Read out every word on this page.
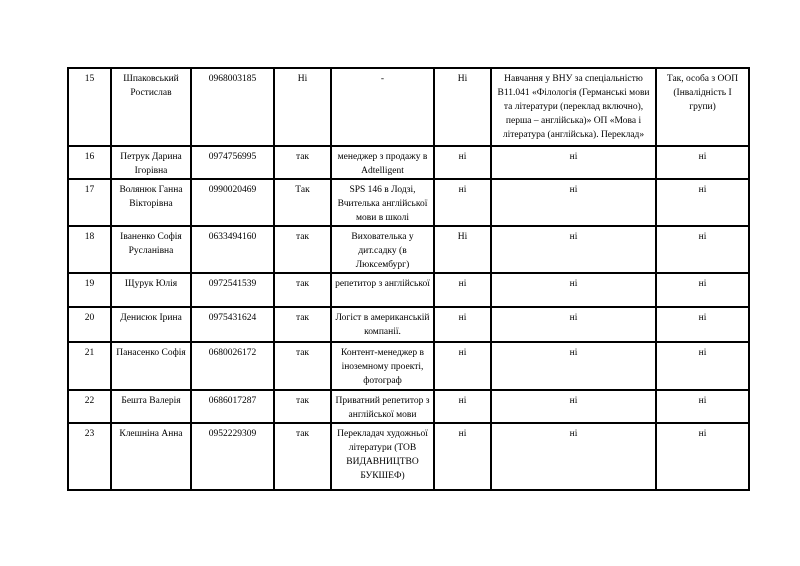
15	Шпаковський Ростислав	0968003185	Ні	-	Ні	Навчання у ВНУ за спеціальністю В11.041 «Філологія (Германські мови та літератури (переклад включно), перша – англійська)» ОП «Мова і література (англійська). Переклад»	Так, особа з ООП (Інвалідність І групи)
16	Петрук Дарина Ігорівна	0974756995	так	менеджер з продажу в Adtelligent	ні	ні	ні
17	Волянюк Ганна Вікторівна	0990020469	Так	SPS 146 в Лодзі, Вчителька англійської мови в школі	ні	ні	ні
18	Іваненко Софія Русланівна	0633494160	так	Вихователька у дит.садку (в Люксембург)	Ні	ні	ні
19	Щурук Юлія	0972541539	так	репетитор з англійської	ні	ні	ні
20	Денисюк Ірина	0975431624	так	Логіст в американській компанії.	ні	ні	ні
21	Панасенко Софія	0680026172	так	Контент-менеджер в іноземному проекті, фотограф	ні	ні	ні
22	Бешта Валерія	0686017287	так	Приватний репетитор з англійської мови	ні	ні	ні
23	Клешніна Анна	0952229309	так	Перекладач художньої літератури (ТОВ ВИДАВНИЦТВО БУКШЕФ)	ні	ні	ні
